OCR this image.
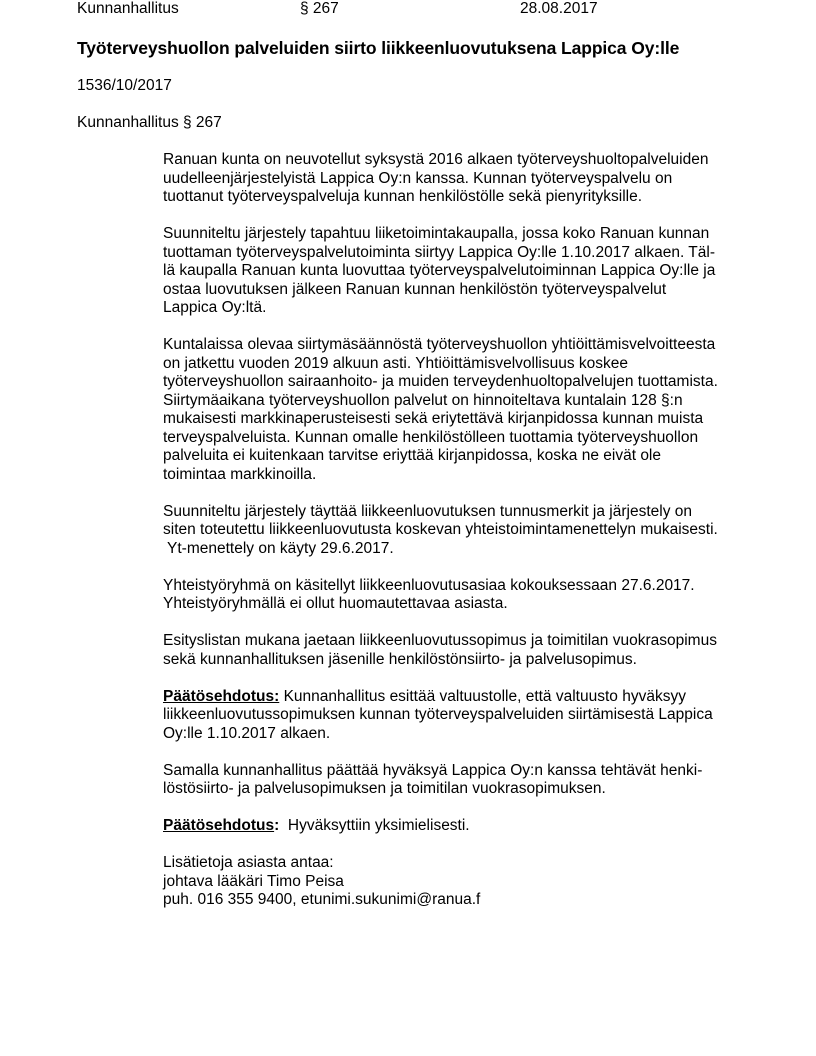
Kunnanhallitus	§ 267	28.08.2017
Työterveyshuollon palveluiden siirto liikkeenluovutuksena Lappica Oy:lle
1536/10/2017
Kunnanhallitus § 267

Ranuan kunta on neuvotellut syksystä 2016 alkaen työterveyshuoltopalveluiden
uudelleenjärjestelyistä Lappica Oy:n kanssa. Kunnan työterveyspalvelu on
tuottanut työterveyspalveluja kunnan henkilöstölle sekä pienyrityksille.

Suunniteltu järjestely tapahtuu liiketoimintakaupalla, jossa koko Ranuan kunnan
tuottaman työterveyspalvelutoiminta siirtyy Lappica Oy:lle 1.10.2017 alkaen. Täl-
lä kaupalla Ranuan kunta luovuttaa työterveyspalvelutoiminnan Lappica Oy:lle ja
ostaa luovutuksen jälkeen Ranuan kunnan henkilöstön työterveyspalvelut
Lappica Oy:ltä.

Kuntalaissa olevaa siirtymäsäännöstä työterveyshuollon yhtiöittämisvelvoitteesta
on jatkettu vuoden 2019 alkuun asti. Yhtiöittämisvelvollisuus koskee
työterveyshuollon sairaanhoito- ja muiden terveydenhuoltopalvelujen tuottamista.
Siirtymäaikana työterveyshuollon palvelut on hinnoiteltava kuntalain 128 §:n
mukaisesti markkinaperusteisesti sekä eriytettävä kirjanpidossa kunnan muista
terveyspalveluista. Kunnan omalle henkilöstölleen tuottamia työterveyshuollon
palveluita ei kuitenkaan tarvitse eriyttää kirjanpidossa, koska ne eivät ole
toimintaa markkinoilla.

Suunniteltu järjestely täyttää liikkeenluovutuksen tunnusmerkit ja järjestely on
siten toteutettu liikkeenluovutusta koskevan yhteistoimintamenettelyn mukaisesti.
Yt-menettely on käyty 29.6.2017.

Yhteistyöryhmä on käsitellyt liikkeenluovutusasiaa kokouksessaan 27.6.2017.
Yhteistyöryhmällä ei ollut huomautettavaa asiasta.

Esityslistan mukana jaetaan liikkeenluovutussopimus ja toimitilan vuokrasopimus
sekä kunnanhallituksen jäsenille henkilöstönsiirto- ja palvelusopimus.

Päätösehdotus: Kunnanhallitus esittää valtuustolle, että valtuusto hyväksyy
liikkeenluovutussopimuksen kunnan työterveyspalveluiden siirtämisestä Lappica
Oy:lle 1.10.2017 alkaen.

Samalla kunnanhallitus päättää hyväksyä Lappica Oy:n kanssa tehtävät henki-
löstösiirto- ja palvelusopimuksen ja toimitilan vuokrasopimuksen.

Päätösehdotus:  Hyväksyttiin yksimielisesti.

Lisätietoja asiasta antaa:
johtava lääkäri Timo Peisa
puh. 016 355 9400, etunimi.sukunimi@ranua.f
